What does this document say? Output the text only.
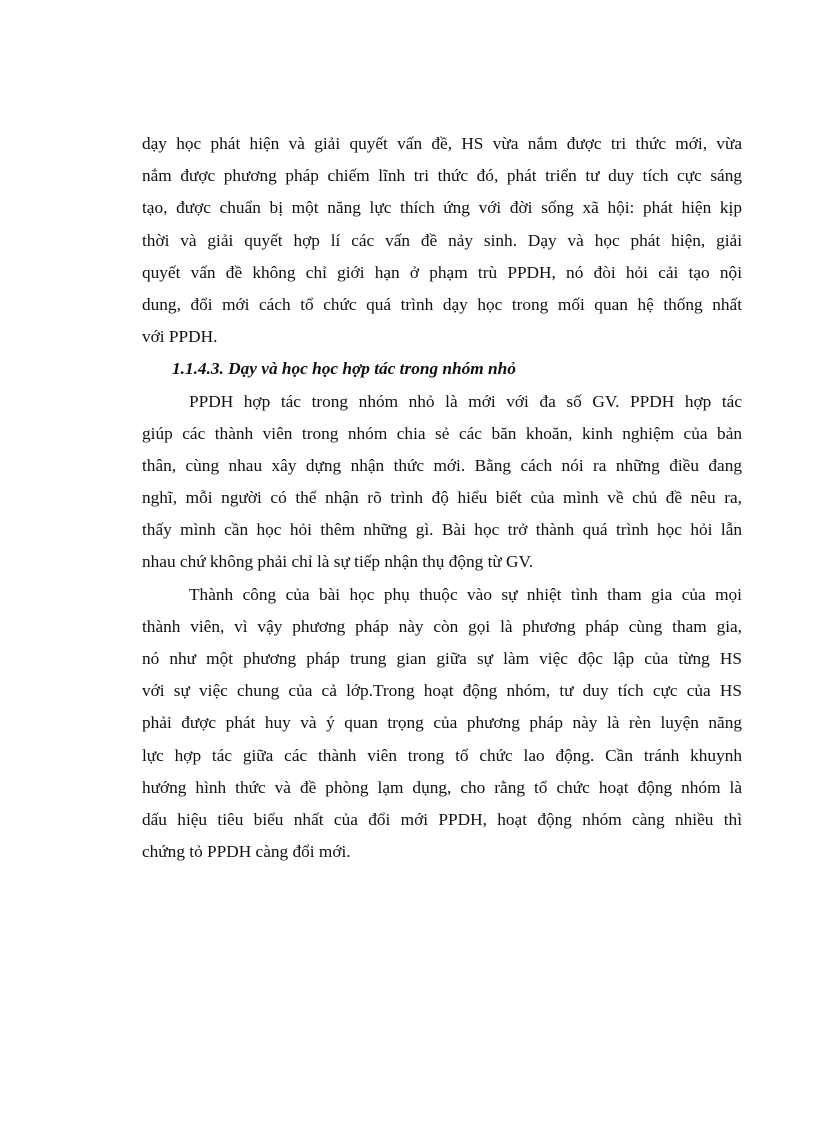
dạy học phát hiện và giải quyết vấn đề, HS vừa nắm được tri thức mới, vừa
nắm được phương pháp chiếm lĩnh tri thức đó, phát triển tư duy tích cực sáng
tạo, được chuẩn bị một năng lực thích ứng với đời sống xã hội: phát hiện kịp
thời và giải quyết hợp lí các vấn đề nảy sinh. Dạy và học phát hiện, giải
quyết vấn đề không chỉ giới hạn ở phạm trù PPDH, nó đòi hỏi cải tạo nội
dung, đổi mới cách tổ chức quá trình dạy học trong mối quan hệ thống nhất
với PPDH.
1.1.4.3. Dạy và học học hợp tác trong nhóm nhỏ
PPDH hợp tác trong nhóm nhỏ là mới với đa số GV. PPDH hợp tác
giúp các thành viên trong nhóm chia sẻ các băn khoăn, kinh nghiệm của bản
thân, cùng nhau xây dựng nhận thức mới. Bằng cách nói ra những điều đang
nghĩ, mỗi người có thể nhận rõ trình độ hiểu biết của mình về chủ đề nêu ra,
thấy mình cần học hỏi thêm những gì. Bài học trở thành quá trình học hỏi lẫn
nhau chứ không phải chỉ là sự tiếp nhận thụ động từ GV.
Thành công của bài học phụ thuộc vào sự nhiệt tình tham gia của mọi
thành viên, vì vậy phương pháp này còn gọi là phương pháp cùng tham gia,
nó như một phương pháp trung gian giữa sự làm việc độc lập của từng HS
với sự việc chung của cả lớp.Trong hoạt động nhóm, tư duy tích cực của HS
phải được phát huy và ý quan trọng của phương pháp này là rèn luyện năng
lực hợp tác giữa các thành viên trong tổ chức lao động. Cần tránh khuynh
hướng hình thức và đề phòng lạm dụng, cho rằng tổ chức hoạt động nhóm là
dấu hiệu tiêu biểu nhất của đổi mới PPDH, hoạt động nhóm càng nhiều thì
chứng tỏ PPDH càng đổi mới.
